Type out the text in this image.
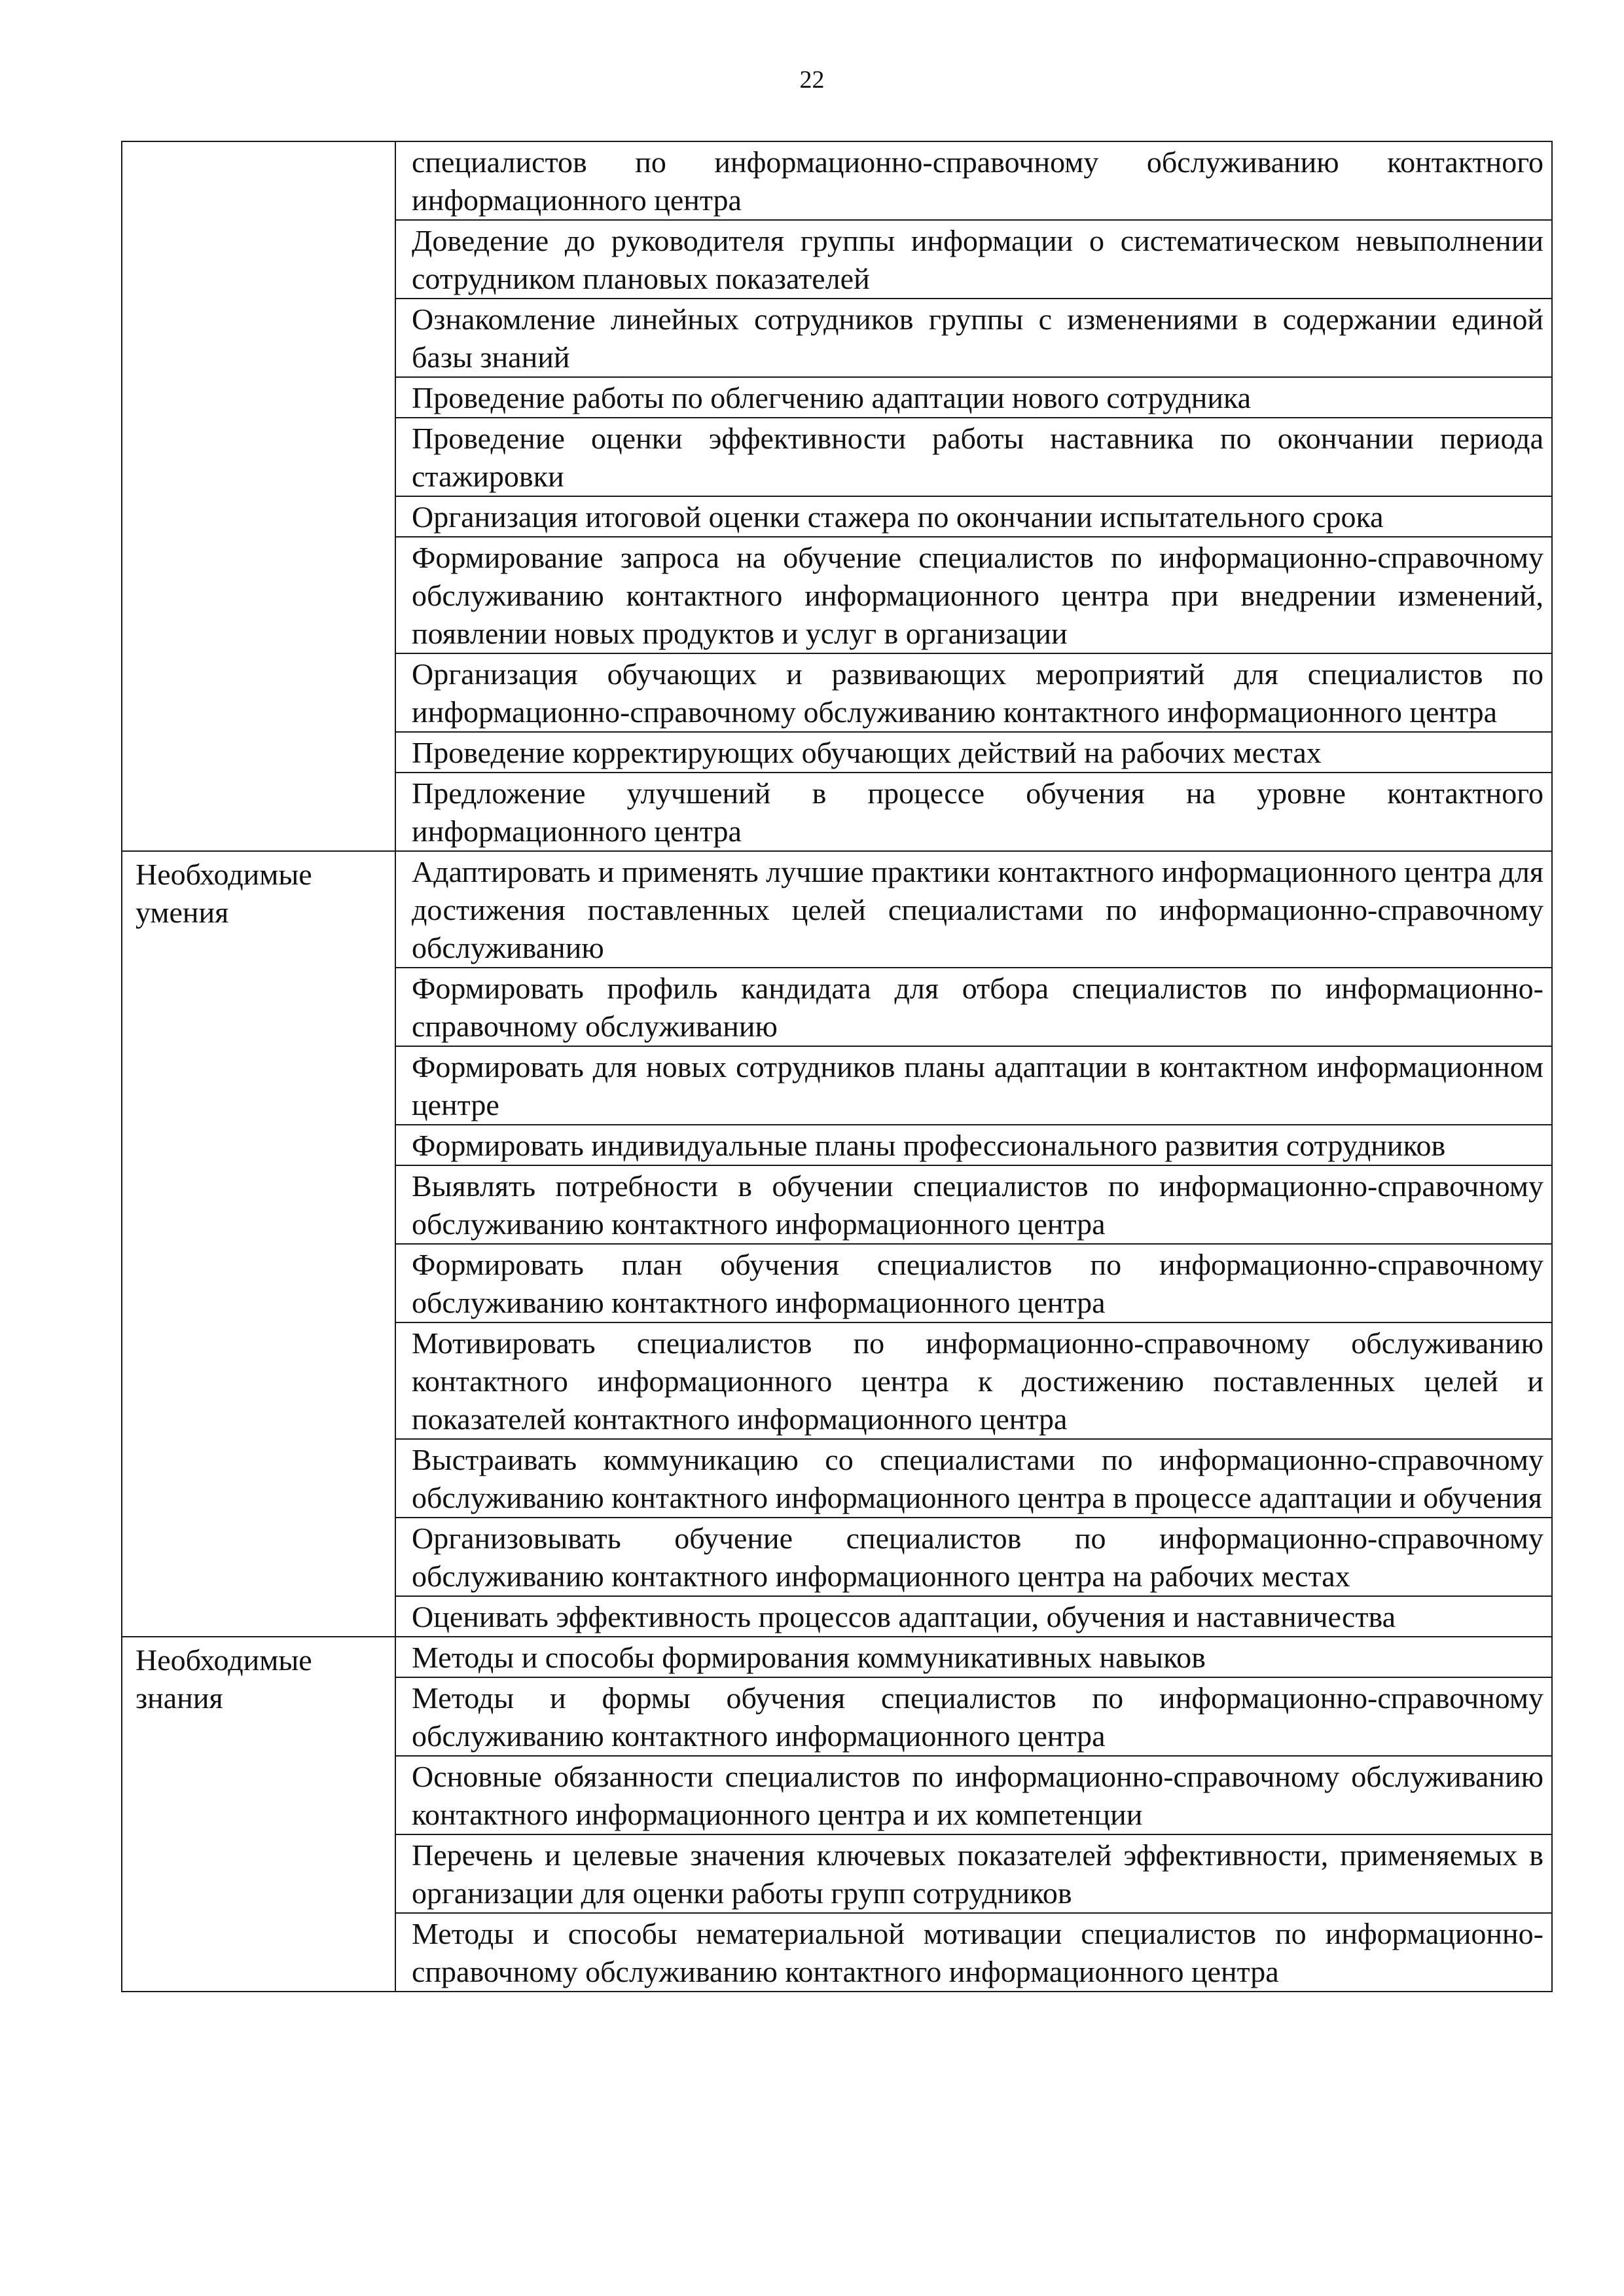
22
	специалистов по информационно-справочному обслуживанию контактного информационного центра
	Доведение до руководителя группы информации о систематическом невыполнении сотрудником плановых показателей
	Ознакомление линейных сотрудников группы с изменениями в содержании единой базы знаний
	Проведение работы по облегчению адаптации нового сотрудника
	Проведение оценки эффективности работы наставника по окончании периода стажировки
	Организация итоговой оценки стажера по окончании испытательного срока
	Формирование запроса на обучение специалистов по информационно-справочному обслуживанию контактного информационного центра при внедрении изменений, появлении новых продуктов и услуг в организации
	Организация обучающих и развивающих мероприятий для специалистов по информационно-справочному обслуживанию контактного информационного центра
	Проведение корректирующих обучающих действий на рабочих местах
	Предложение улучшений в процессе обучения на уровне контактного информационного центра

Необходимые
умения	Адаптировать и применять лучшие практики контактного информационного центра для достижения поставленных целей специалистами по информационно-справочному обслуживанию
	Формировать профиль кандидата для отбора специалистов по информационно-справочному обслуживанию
	Формировать для новых сотрудников планы адаптации в контактном информационном центре
	Формировать индивидуальные планы профессионального развития сотрудников
	Выявлять потребности в обучении специалистов по информационно-справочному обслуживанию контактного информационного центра
	Формировать план обучения специалистов по информационно-справочному обслуживанию контактного информационного центра
	Мотивировать специалистов по информационно-справочному обслуживанию контактного информационного центра к достижению поставленных целей и показателей контактного информационного центра
	Выстраивать коммуникацию со специалистами по информационно-справочному обслуживанию контактного информационного центра в процессе адаптации и обучения
	Организовывать обучение специалистов по информационно-справочному обслуживанию контактного информационного центра на рабочих местах
	Оценивать эффективность процессов адаптации, обучения и наставничества

Необходимые
знания	Методы и способы формирования коммуникативных навыков
	Методы и формы обучения специалистов по информационно-справочному обслуживанию контактного информационного центра
	Основные обязанности специалистов по информационно-справочному обслуживанию контактного информационного центра и их компетенции
	Перечень и целевые значения ключевых показателей эффективности, применяемых в организации для оценки работы групп сотрудников
	Методы и способы нематериальной мотивации специалистов по информационно-справочному обслуживанию контактного информационного центра
